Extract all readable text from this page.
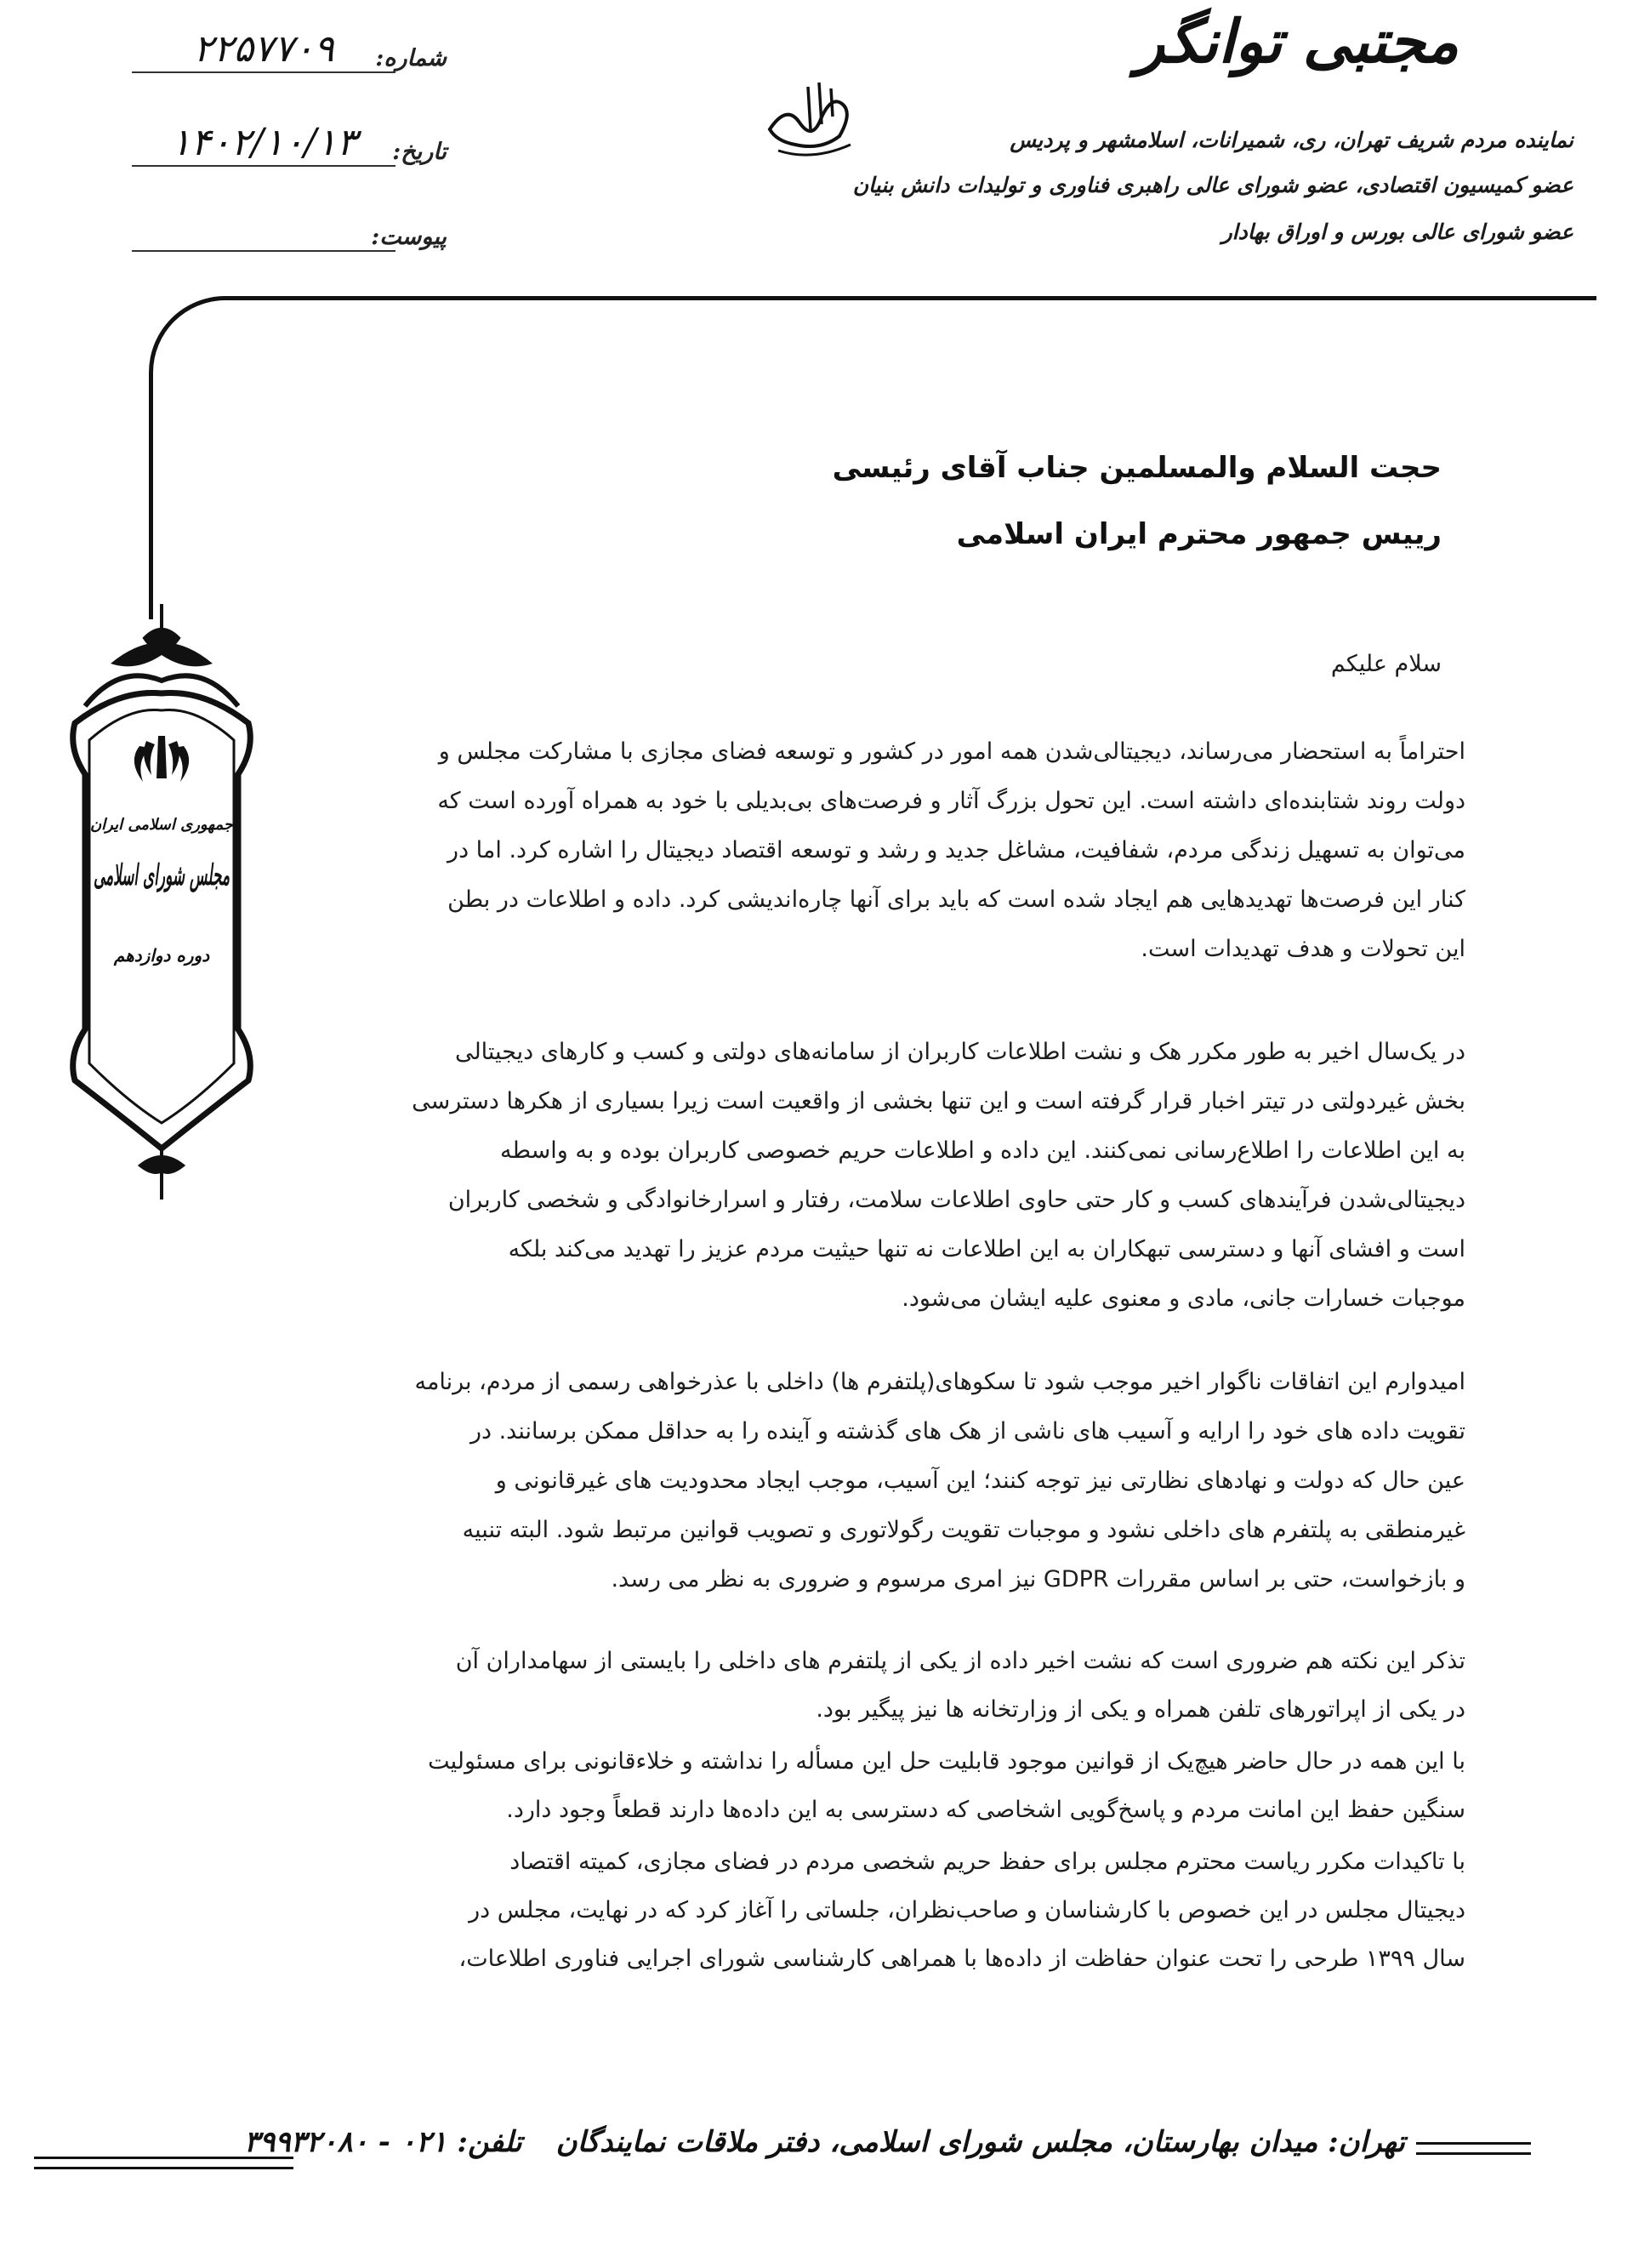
مجتبی توانگر
نماینده مردم شریف تهران، ری، شمیرانات، اسلامشهر و پردیس
عضو کمیسیون اقتصادی، عضو شورای عالی راهبری فناوری و تولیدات دانش بنیان
عضو شورای عالی بورس و اوراق بهادار
شماره:
۲۲۵۷۷۰۹
تاریخ:
۱۴۰۲/۱۰/۱۳
پیوست:
جمهوری اسلامی ایران
مجلس شورای اسلامی
دوره دوازدهم
حجت السلام والمسلمین جناب آقای رئیسی
رییس جمهور محترم ایران اسلامی
سلام علیکم
احتراماً به استحضار می‌رساند، دیجیتالی‌شدن همه امور در کشور و توسعه فضای مجازی با مشارکت مجلس و
دولت روند شتابنده‌ای داشته است. این تحول بزرگ آثار و فرصت‌های بی‌بدیلی با خود به همراه آورده است که
می‌توان به تسهیل زندگی مردم، شفافیت، مشاغل جدید و رشد و توسعه اقتصاد دیجیتال را اشاره کرد. اما در
کنار این فرصت‌ها تهدیدهایی هم ایجاد شده است که باید برای آنها چاره‌اندیشی کرد. داده و اطلاعات در بطن
این تحولات و هدف تهدیدات است.
در یک‌سال اخیر به طور مکرر هک و نشت اطلاعات کاربران از سامانه‌های دولتی و کسب و کارهای دیجیتالی
بخش غیردولتی در تیتر اخبار قرار گرفته است و این تنها بخشی از واقعیت است زیرا بسیاری از هکرها دسترسی
به این اطلاعات را اطلاع‌رسانی نمی‌کنند. این داده و اطلاعات حریم خصوصی کاربران بوده و به واسطه
دیجیتالی‌شدن فرآیندهای کسب و کار حتی حاوی اطلاعات سلامت، رفتار و اسرارخانوادگی و شخصی کاربران
است و افشای آنها و دسترسی تبهکاران به این اطلاعات نه تنها حیثیت مردم عزیز را تهدید می‌کند بلکه
موجبات خسارات جانی، مادی و معنوی علیه ایشان می‌شود.
امیدوارم این اتفاقات ناگوار اخیر موجب شود تا سکوهای(پلتفرم ها) داخلی با عذرخواهی رسمی از مردم، برنامه
تقویت داده های خود را ارایه و آسیب های ناشی از هک های گذشته و آینده را به حداقل ممکن برسانند. در
عین حال که دولت و نهادهای نظارتی نیز توجه کنند؛ این آسیب، موجب ایجاد محدودیت های غیرقانونی و
غیرمنطقی به پلتفرم های داخلی نشود و موجبات تقویت رگولاتوری و تصویب قوانین مرتبط شود. البته تنبیه
و بازخواست، حتی بر اساس مقررات GDPR نیز امری مرسوم و ضروری به نظر می رسد.
تذکر این نکته هم ضروری است که نشت اخیر داده از یکی از پلتفرم های داخلی را بایستی از سهامداران آن
در یکی از اپراتورهای تلفن همراه و یکی از وزارتخانه ها نیز پیگیر بود.
با این همه در حال حاضر هیچ‌یک از قوانین موجود قابلیت حل این مسأله را نداشته و خلاءقانونی برای مسئولیت
سنگین حفظ این امانت مردم و پاسخ‌گویی اشخاصی که دسترسی به این داده‌ها دارند قطعاً وجود دارد.
با تاکیدات مکرر ریاست محترم مجلس برای حفظ حریم شخصی مردم در فضای مجازی، کمیته اقتصاد
دیجیتال مجلس در این خصوص با کارشناسان و صاحب‌نظران، جلساتی را آغاز کرد که در نهایت، مجلس در
سال ۱۳۹۹ طرحی را تحت عنوان حفاظت از داده‌ها با همراهی کارشناسی شورای اجرایی فناوری اطلاعات،
تهران: میدان بهارستان، مجلس شورای اسلامی، دفتر ملاقات نمایندگان تلفن: ۰۲۱ - ۳۹۹۳۲۰۸۰
